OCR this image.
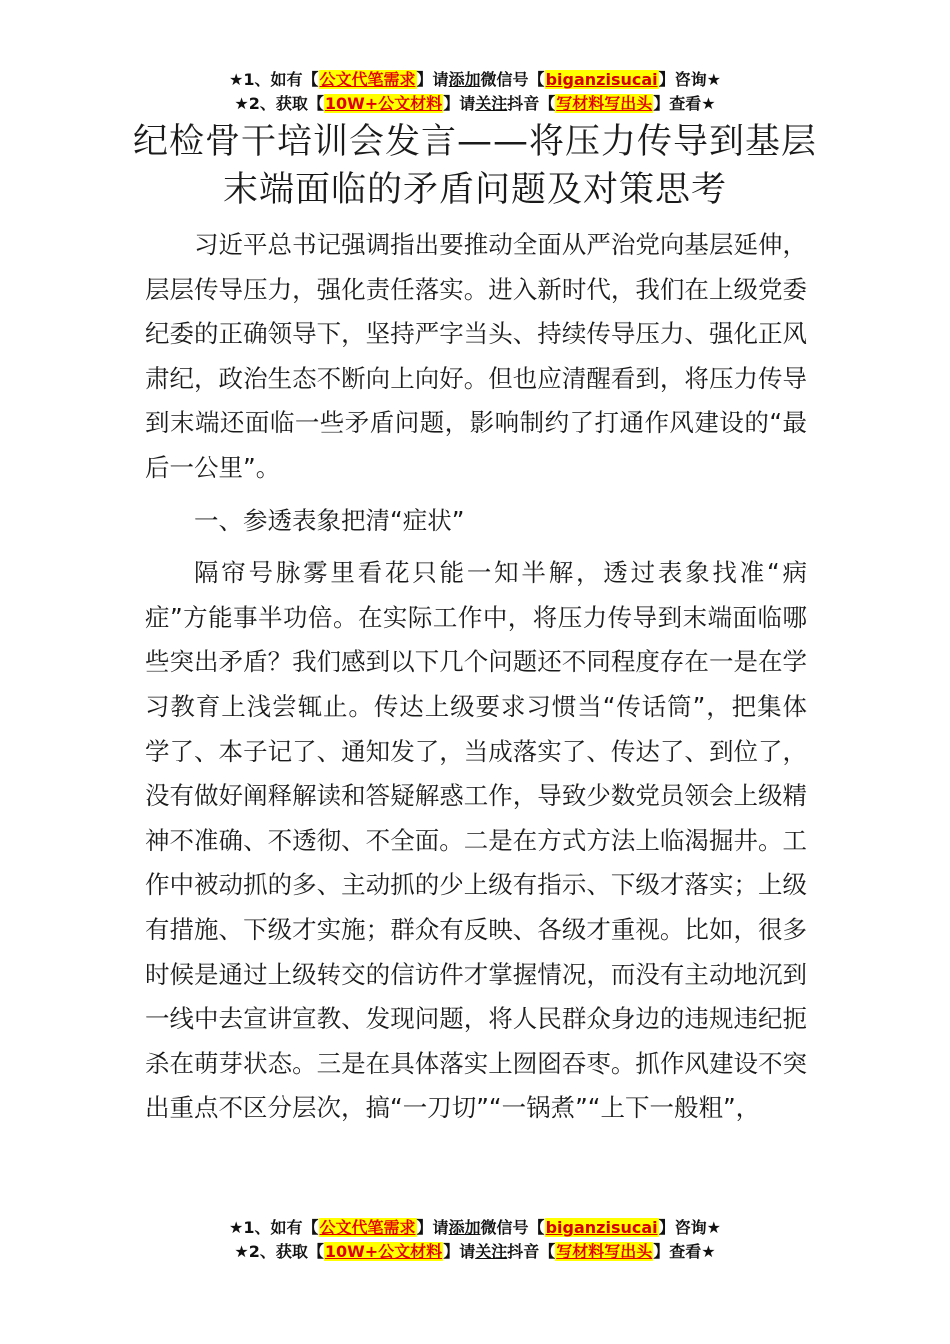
★1、如有【公文代笔需求】请添加微信号【biganzisucai】咨询★
★2、获取【10W+公文材料】请关注抖音【写材料写出头】查看★
纪检骨干培训会发言——将压力传导到基层
末端面临的矛盾问题及对策思考

习近平总书记强调指出要推动全面从严治党向基层延伸，层层传导压力，强化责任落实。进入新时代，我们在上级党委纪委的正确领导下，坚持严字当头、持续传导压力、强化正风肃纪，政治生态不断向上向好。但也应清醒看到，将压力传导到末端还面临一些矛盾问题，影响制约了打通作风建设的“最后一公里”。

一、参透表象把清“症状”

隔帘号脉雾里看花只能一知半解，透过表象找准“病症”方能事半功倍。在实际工作中，将压力传导到末端面临哪些突出矛盾？我们感到以下几个问题还不同程度存在一是在学习教育上浅尝辄止。传达上级要求习惯当“传话筒”，把集体学了、本子记了、通知发了，当成落实了、传达了、到位了，没有做好阐释解读和答疑解惑工作，导致少数党员领会上级精神不准确、不透彻、不全面。二是在方式方法上临渴掘井。工作中被动抓的多、主动抓的少上级有指示、下级才落实；上级有措施、下级才实施；群众有反映、各级才重视。比如，很多时候是通过上级转交的信访件才掌握情况，而没有主动地沉到一线中去宣讲宣教、发现问题，将人民群众身边的违规违纪扼杀在萌芽状态。三是在具体落实上囫囵吞枣。抓作风建设不突出重点不区分层次，搞“一刀切”“一锅煮”“上下一般粗”，

★1、如有【公文代笔需求】请添加微信号【biganzisucai】咨询★
★2、获取【10W+公文材料】请关注抖音【写材料写出头】查看★
